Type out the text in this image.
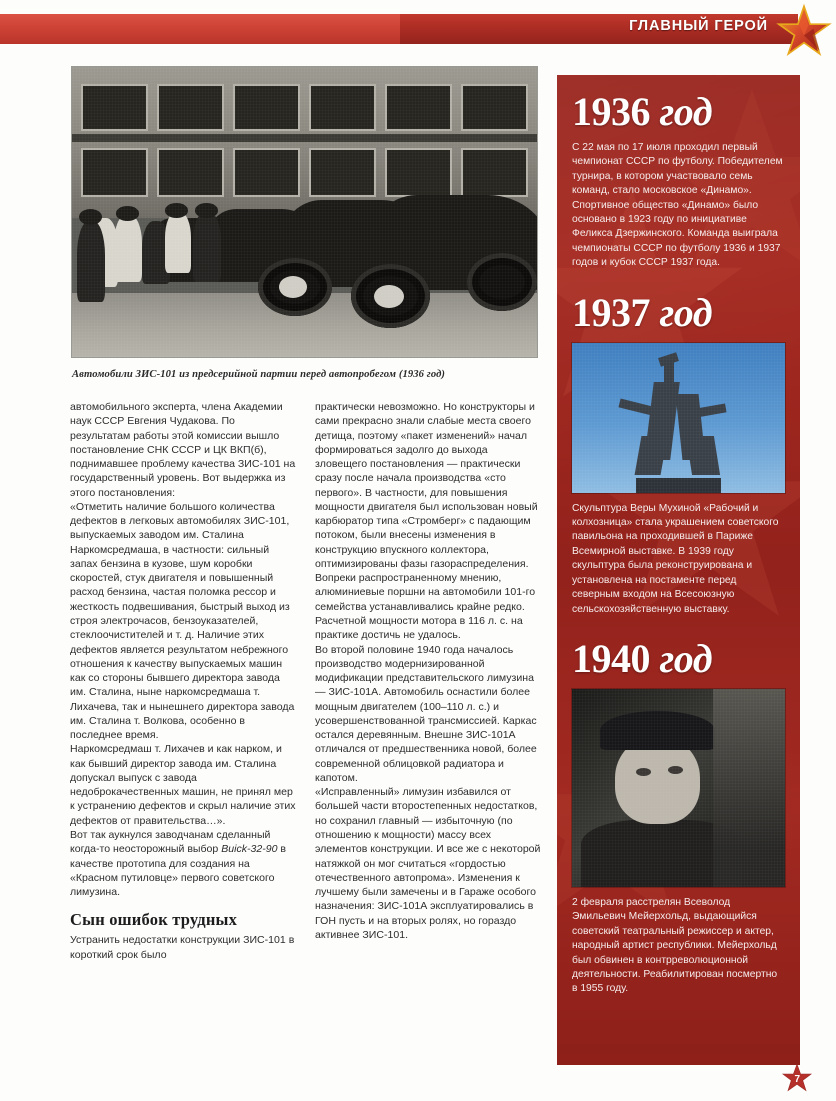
ГЛАВНЫЙ ГЕРОЙ
Автомобили ЗИС-101 из предсерийной партии перед автопробегом (1936 год)

автомобильного эксперта, члена Академии наук СССР Евгения Чудакова. По результатам работы этой комиссии вышло постановление СНК СССР и ЦК ВКП(б), поднимавшее проблему качества ЗИС-101 на государственный уровень. Вот выдержка из этого постановления:

«Отметить наличие большого количества дефектов в легковых автомобилях ЗИС-101, выпускаемых заводом им. Сталина Наркомсредмаша, в частности: сильный запах бензина в кузове, шум коробки скоростей, стук двигателя и повышенный расход бензина, частая поломка рессор и жесткость подвешивания, быстрый выход из строя электрочасов, бензоуказателей, стеклоочистителей и т. д. Наличие этих дефектов является результатом небрежного отношения к качеству выпускаемых машин как со стороны бывшего директора завода им. Сталина, ныне наркомсредмаша т. Лихачева, так и нынешнего директора завода им. Сталина т. Волкова, особенно в последнее время.

Наркомсредмаш т. Лихачев и как нарком, и как бывший директор завода им. Сталина допускал выпуск с завода недоброкачественных машин, не принял мер к устранению дефектов и скрыл наличие этих дефектов от правительства…».

Вот так аукнулся заводчанам сделанный когда-то неосторожный выбор Buick-32-90 в качестве прототипа для создания на «Красном путиловце» первого советского лимузина.

Сын ошибок трудных

Устранить недостатки конструкции ЗИС-101 в короткий срок было

практически невозможно. Но конструкторы и сами прекрасно знали слабые места своего детища, поэтому «пакет изменений» начал формироваться задолго до выхода зловещего постановления — практически сразу после начала производства «сто первого». В частности, для повышения мощности двигателя был использован новый карбюратор типа «Стромберг» с падающим потоком, были внесены изменения в конструкцию впускного коллектора, оптимизированы фазы газораспределения. Вопреки распространенному мнению, алюминиевые поршни на автомобили 101-го семейства устанавливались крайне редко. Расчетной мощности мотора в 116 л. с. на практике достичь не удалось.

Во второй половине 1940 года началось производство модернизированной модификации представительского лимузина — ЗИС-101А. Автомобиль оснастили более мощным двигателем (100–110 л. с.) и усовершенствованной трансмиссией. Каркас остался деревянным. Внешне ЗИС-101А отличался от предшественника новой, более современной облицовкой радиатора и капотом.

«Исправленный» лимузин избавился от большей части второстепенных недостатков, но сохранил главный — избыточную (по отношению к мощности) массу всех элементов конструкции. И все же с некоторой натяжкой он мог считаться «гордостью отечественного автопрома». Изменения к лучшему были замечены и в Гараже особого назначения: ЗИС-101А эксплуатировались в ГОН пусть и на вторых ролях, но гораздо активнее ЗИС-101.

1936 год
С 22 мая по 17 июля проходил первый чемпионат СССР по футболу. Победителем турнира, в котором участвовало семь команд, стало московское «Динамо». Спортивное общество «Динамо» было основано в 1923 году по инициативе Феликса Дзержинского. Команда выиграла чемпионаты СССР по футболу 1936 и 1937 годов и кубок СССР 1937 года.
1937 год
Скульптура Веры Мухиной «Рабочий и колхозница» стала украшением советского павильона на проходившей в Париже Всемирной выставке. В 1939 году скульптура была реконструирована и установлена на постаменте перед северным входом на Всесоюзную сельскохозяйственную выставку.
1940 год
2 февраля расстрелян Всеволод Эмильевич Мейерхольд, выдающийся советский театральный режиссер и актер, народный артист республики. Мейерхольд был обвинен в контрреволюционной деятельности. Реабилитирован посмертно в 1955 году.
7
